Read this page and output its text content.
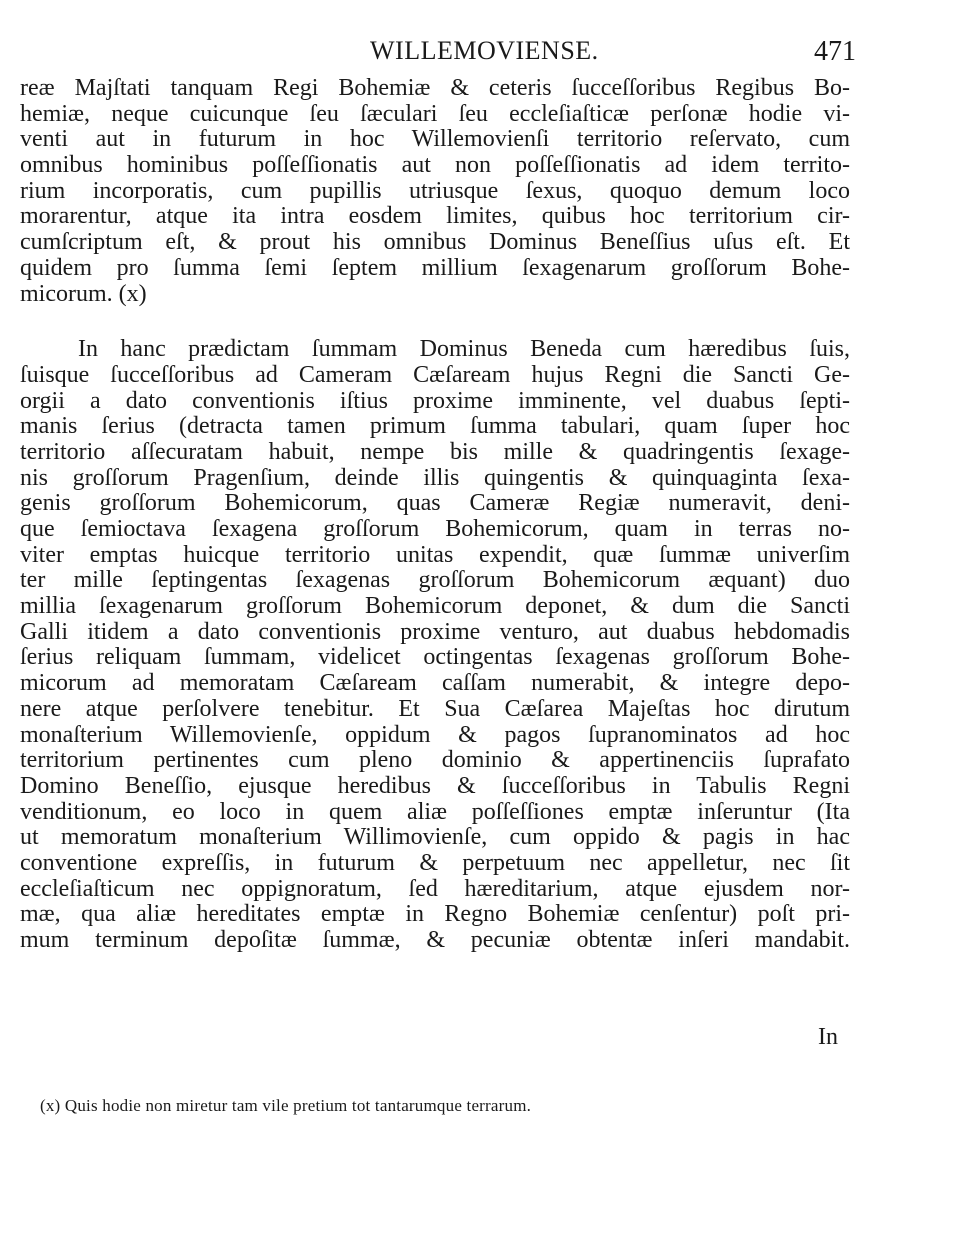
WILLEMOVIENSE.	471
reæ Majſtati tanquam Regi Bohemiæ & ceteris ſucceſſoribus Regibus Bo-
hemiæ, neque cuicunque ſeu ſæculari ſeu eccleſiaſticæ perſonæ hodie vi-
venti aut in futurum in hoc Willemovienſi territorio reſervato, cum
omnibus hominibus poſſeſſionatis aut non poſſeſſionatis ad idem territo-
rium incorporatis, cum pupillis utriusque ſexus, quoquo demum loco
morarentur, atque ita intra eosdem limites, quibus hoc territorium cir-
cumſcriptum eſt, & prout his omnibus Dominus Beneſſius uſus eſt. Et
quidem pro ſumma ſemi ſeptem millium ſexagenarum groſſorum Bohe-
micorum. (x)
In hanc prædictam ſummam Dominus Beneda cum hæredibus ſuis,
ſuisque ſucceſſoribus ad Cameram Cæſaream hujus Regni die Sancti Ge-
orgii a dato conventionis iſtius proxime imminente, vel duabus ſepti-
manis ſerius (detracta tamen primum ſumma tabulari, quam ſuper hoc
territorio aſſecuratam habuit, nempe bis mille & quadringentis ſexage-
nis groſſorum Pragenſium, deinde illis quingentis & quinquaginta ſexa-
genis groſſorum Bohemicorum, quas Cameræ Regiæ numeravit, deni-
que ſemioctava ſexagena groſſorum Bohemicorum, quam in terras no-
viter emptas huicque territorio unitas expendit, quæ ſummæ univerſim
ter mille ſeptingentas ſexagenas groſſorum Bohemicorum æquant) duo
millia ſexagenarum groſſorum Bohemicorum deponet, & dum die Sancti
Galli itidem a dato conventionis proxime venturo, aut duabus hebdomadis
ſerius reliquam ſummam, videlicet octingentas ſexagenas groſſorum Bohe-
micorum ad memoratam Cæſaream caſſam numerabit, & integre depo-
nere atque perſolvere tenebitur. Et Sua Cæſarea Majeſtas hoc dirutum
monaſterium Willemovienſe, oppidum & pagos ſupranominatos ad hoc
territorium pertinentes cum pleno dominio & appertinenciis ſuprafato
Domino Beneſſio, ejusque heredibus & ſucceſſoribus in Tabulis Regni
venditionum, eo loco in quem aliæ poſſeſſiones emptæ inſeruntur (Ita
ut memoratum monaſterium Willimovienſe, cum oppido & pagis in hac
conventione expreſſis, in futurum & perpetuum nec appelletur, nec ſit
eccleſiaſticum nec oppignoratum, ſed hæreditarium, atque ejusdem nor-
mæ, qua aliæ hereditates emptæ in Regno Bohemiæ cenſentur) poſt pri-
mum terminum depoſitæ ſummæ, & pecuniæ obtentæ inſeri mandabit.
In
(x) Quis hodie non miretur tam vile pretium tot tantarumque terrarum.
